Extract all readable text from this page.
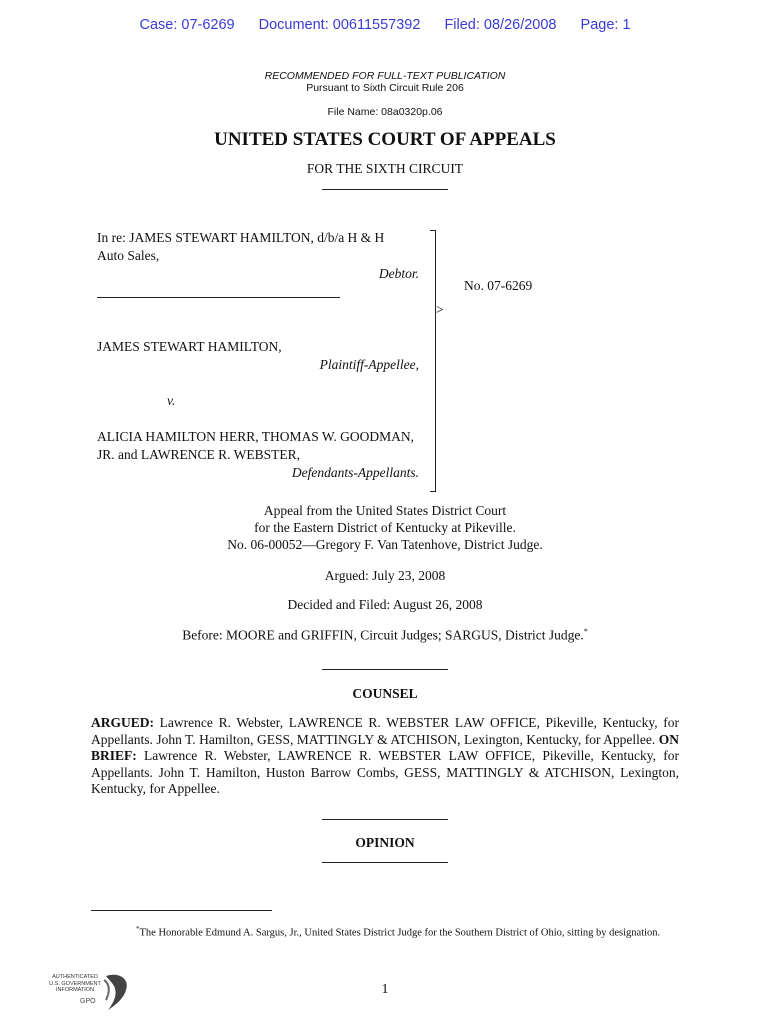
Case: 07-6269 Document: 00611557392 Filed: 08/26/2008 Page: 1
RECOMMENDED FOR FULL-TEXT PUBLICATION
Pursuant to Sixth Circuit Rule 206
File Name: 08a0320p.06
UNITED STATES COURT OF APPEALS
FOR THE SIXTH CIRCUIT
In re: JAMES STEWART HAMILTON, d/b/a H & H
Auto Sales,
Debtor.
JAMES STEWART HAMILTON,
Plaintiff-Appellee,
v.
ALICIA HAMILTON HERR, THOMAS W. GOODMAN,
JR. and LAWRENCE R. WEBSTER,
Defendants-Appellants.
>
No. 07-6269
Appeal from the United States District Court
for the Eastern District of Kentucky at Pikeville.
No. 06-00052—Gregory F. Van Tatenhove, District Judge.
Argued: July 23, 2008
Decided and Filed: August 26, 2008
Before: MOORE and GRIFFIN, Circuit Judges; SARGUS, District Judge.*
COUNSEL
ARGUED: Lawrence R. Webster, LAWRENCE R. WEBSTER LAW OFFICE, Pikeville, Kentucky, for Appellants. John T. Hamilton, GESS, MATTINGLY & ATCHISON, Lexington, Kentucky, for Appellee. ON BRIEF: Lawrence R. Webster, LAWRENCE R. WEBSTER LAW OFFICE, Pikeville, Kentucky, for Appellants. John T. Hamilton, Huston Barrow Combs, GESS, MATTINGLY & ATCHISON, Lexington, Kentucky, for Appellee.
OPINION
*The Honorable Edmund A. Sargus, Jr., United States District Judge for the Southern District of Ohio, sitting by designation.
AUTHENTICATED
U.S. GOVERNMENT
INFORMATION
GPO
1
